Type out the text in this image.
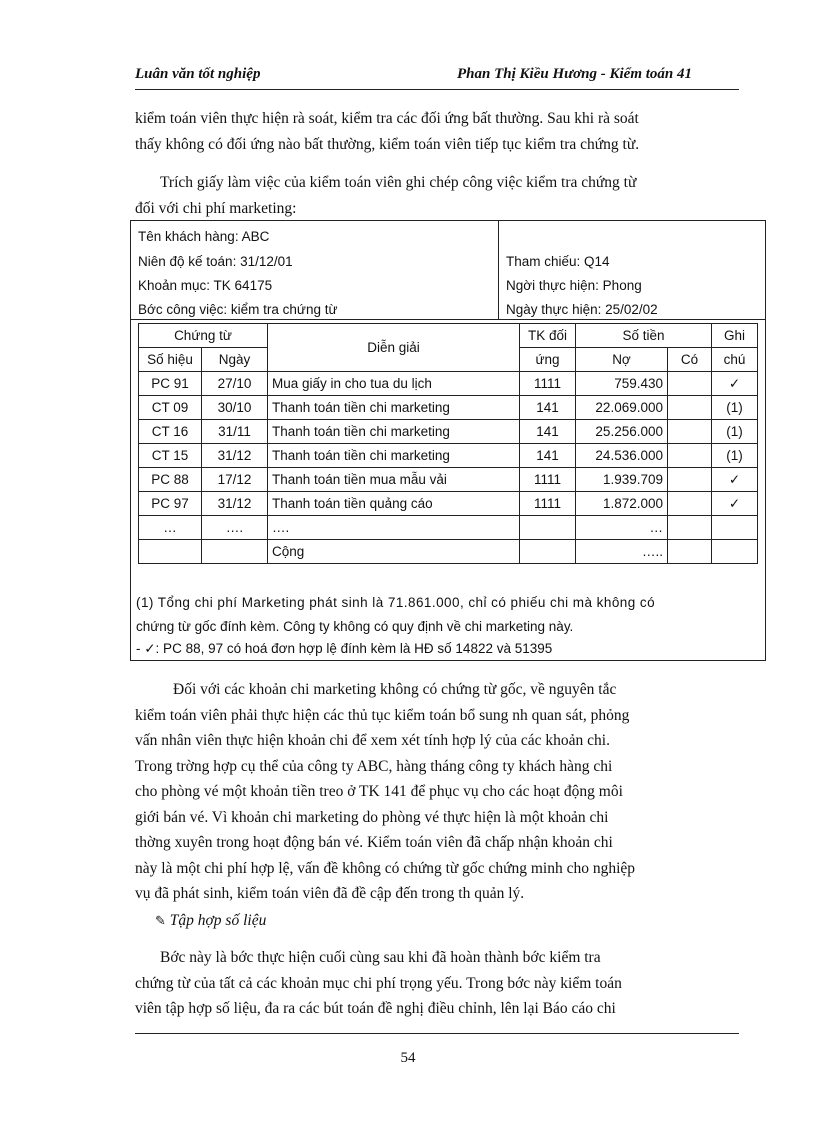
Luân văn tốt nghiệp	Phan Thị Kiều Hương - Kiểm toán 41

kiểm toán viên thực hiện rà soát, kiểm tra các đối ứng bất thường. Sau khi rà soát

thấy không có đối ứng nào bất thường, kiểm toán viên tiếp tục kiểm tra chứng từ.

Trích giấy làm việc của kiểm toán viên ghi chép công việc kiểm tra chứng từ

đối với chi phí marketing:

Tên khách hàng: ABC
Niên độ kế toán: 31/12/01
Khoản mục: TK 64175
Bớc công việc: kiểm tra chứng từ
Tham chiếu: Q14
Ngời thực hiện: Phong
Ngày thực hiện: 25/02/02
Chứng từ		Diễn giải	TK đối	Số tiền		Ghi
Số hiệu	Ngày		ứng	Nợ	Có	chú
PC 91	27/10	Mua giấy in cho tua du lịch	1111	759.430		✓
CT 09	30/10	Thanh toán tiền chi marketing	141	22.069.000		(1)
CT 16	31/11	Thanh toán tiền chi marketing	141	25.256.000		(1)
CT 15	31/12	Thanh toán tiền chi marketing	141	24.536.000		(1)
PC 88	17/12	Thanh toán tiền mua mẫu vải	1111	1.939.709		✓
PC 97	31/12	Thanh toán tiền quảng cáo	1111	1.872.000		✓
…	….	….		…		
		Cộng		…..		
(1) Tổng chi phí Marketing phát sinh là 71.861.000, chỉ có phiếu chi mà không có
chứng từ gốc đính kèm. Công ty không có quy định về chi marketing này.
- ✓: PC 88, 97 có hoá đơn hợp lệ đính kèm là HĐ số 14822 và 51395

Đối với các khoản chi marketing không có chứng từ gốc, về nguyên tắc

kiểm toán viên phải thực hiện các thủ tục kiểm toán bổ sung nh quan sát, phỏng

vấn nhân viên thực hiện khoản chi để xem xét tính hợp lý của các khoản chi.

Trong trờng hợp cụ thể của công ty ABC, hàng tháng công ty khách hàng chi

cho phòng vé một khoản tiền treo ở TK 141 để phục vụ cho các hoạt động môi

giới bán vé. Vì khoản chi marketing do phòng vé thực hiện là một khoản chi

thờng xuyên trong hoạt động bán vé. Kiểm toán viên đã chấp nhận khoản chi

này là một chi phí hợp lệ, vấn đề không có chứng từ gốc chứng minh cho nghiệp

vụ đã phát sinh, kiểm toán viên đã đề cập đến trong th quản lý.

✎ Tập hợp số liệu

Bớc này là bớc thực hiện cuối cùng sau khi đã hoàn thành bớc kiểm tra

chứng từ của tất cả các khoản mục chi phí trọng yếu. Trong bớc này kiểm toán

viên tập hợp số liệu, đa ra các bút toán đề nghị điều chỉnh, lên lại Báo cáo chi

54
